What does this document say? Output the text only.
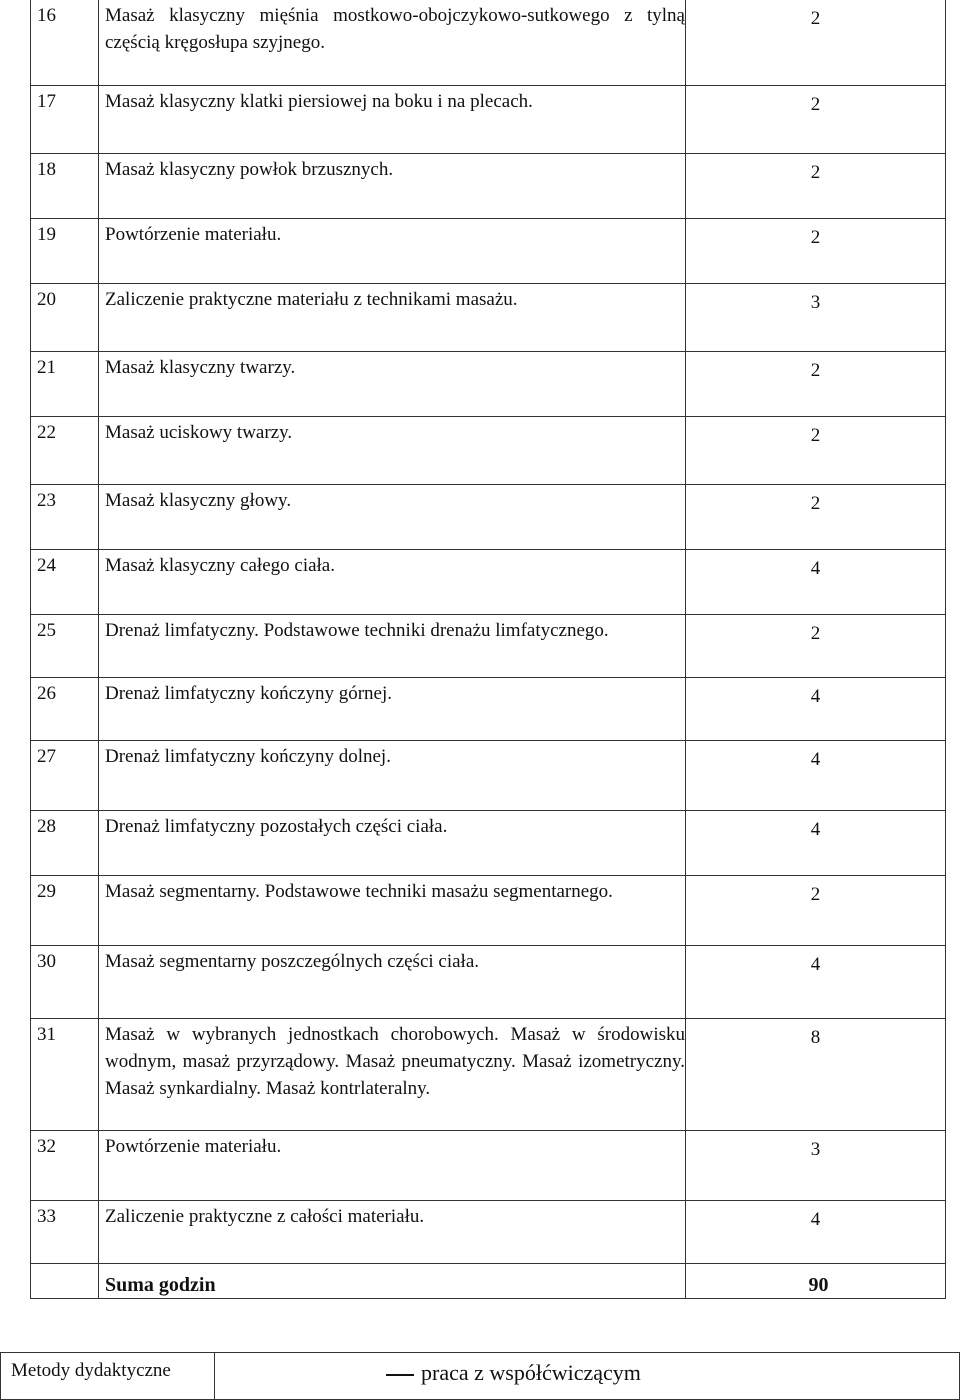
16	Masaż klasyczny mięśnia mostkowo-obojczykowo-sutkowego z tylną częścią kręgosłupa szyjnego.	2
17	Masaż klasyczny klatki piersiowej na boku i na plecach.	2
18	Masaż klasyczny powłok brzusznych.	2
19	Powtórzenie materiału.	2
20	Zaliczenie praktyczne materiału z technikami masażu.	3
21	Masaż klasyczny twarzy.	2
22	Masaż uciskowy twarzy.	2
23	Masaż klasyczny głowy.	2
24	Masaż klasyczny całego ciała.	4
25	Drenaż limfatyczny. Podstawowe techniki drenażu limfatycznego.	2
26	Drenaż limfatyczny kończyny górnej.	4
27	Drenaż limfatyczny kończyny dolnej.	4
28	Drenaż limfatyczny pozostałych części ciała.	4
29	Masaż segmentarny. Podstawowe techniki masażu segmentarnego.	2
30	Masaż segmentarny poszczególnych części ciała.	4
31	Masaż w wybranych jednostkach chorobowych. Masaż w środowisku wodnym, masaż przyrządowy. Masaż pneumatyczny. Masaż izometryczny. Masaż synkardialny. Masaż kontrlateralny.	8
32	Powtórzenie materiału.	3
33	Zaliczenie praktyczne z całości materiału.	4
	Suma godzin	90
Metody dydaktyczne	praca z współćwiczącym
